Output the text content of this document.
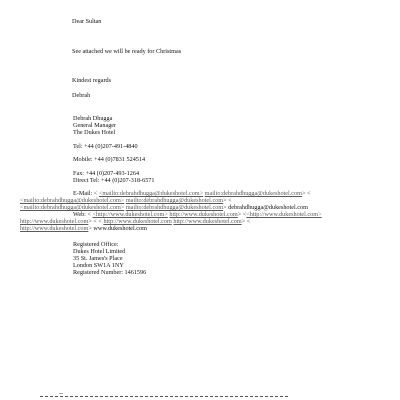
Dear Sultan
See attached we will be ready for Christmas
Kindest regards
Debrah
Debrah Dhugga
General Manager
The Dukes Hotel
Tel: +44 (0)207-491-4840
Mobile: +44 (0)7831 524514
Fax: +44 (0)207-493-1264
Direct Tel: +44 (0)207-318-6571
E-Mail: < <mailto:debrahdhugga@dukeshotel.com> mailto:debrahdhugga@dukeshotel.com> <
<mailto:debrahdhugga@dukeshotel.com> mailto:debrahdhugga@dukeshotel.com> <
<mailto:debrahdhugga@dukeshotel.com> mailto:debrahdhugga@dukeshotel.com> debrahdhugga@dukeshotel.com
Web: < <http://www.dukeshotel.com> http://www.dukeshotel.com> <<http://www.dukeshotel.com>
http://www.dukeshotel.com> < < http://www.dukeshotel.com http://www.dukeshotel.com> <
http://www.dukeshotel.com> www.dukeshotel.com
Registered Office:
Dukes Hotel Limited
35 St. James's Place
London SW1A 1NY
Registered Number: 1461596
--
